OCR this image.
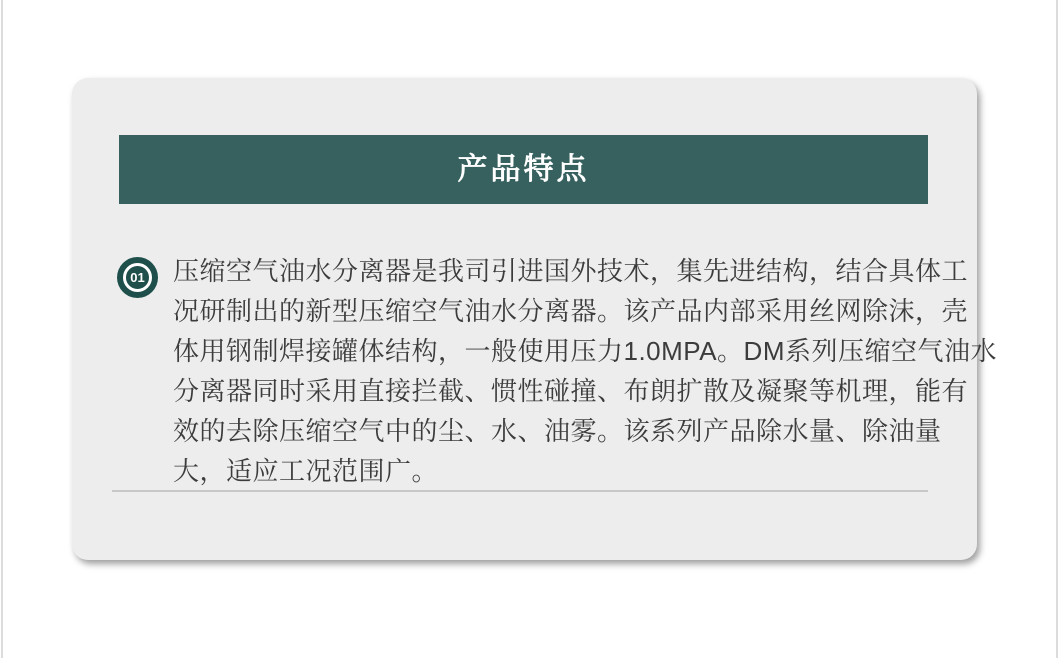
产品特点
01 压缩空气油水分离器是我司引进国外技术，集先进结构，结合具体工
况研制出的新型压缩空气油水分离器。该产品内部采用丝网除沫，壳
体用钢制焊接罐体结构，一般使用压力1.0MPA。DM系列压缩空气油水
分离器同时采用直接拦截、惯性碰撞、布朗扩散及凝聚等机理，能有
效的去除压缩空气中的尘、水、油雾。该系列产品除水量、除油量
大，适应工况范围广。
